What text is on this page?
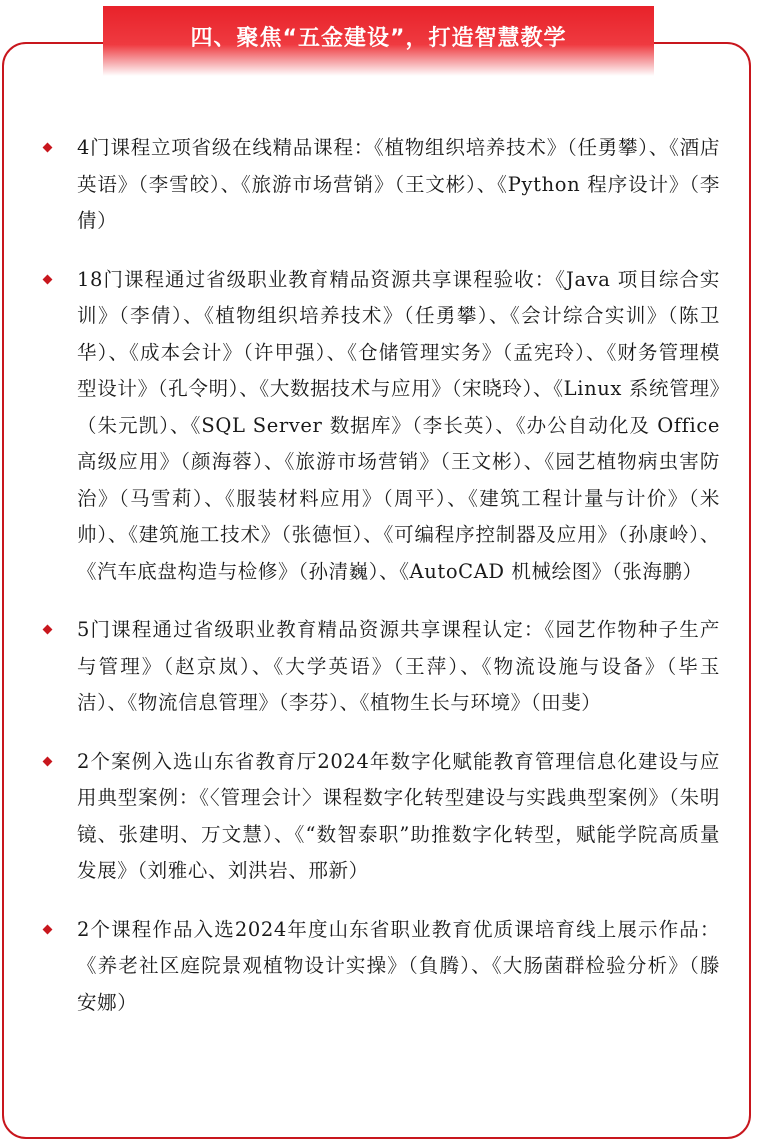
四、聚焦“五金建设”，打造智慧教学
4门课程立项省级在线精品课程：《植物组织培养技术》（任勇攀）、《酒店英语》（李雪皎）、《旅游市场营销》（王文彬）、《Python 程序设计》（李倩）
18门课程通过省级职业教育精品资源共享课程验收：《Java 项目综合实训》（李倩）、《植物组织培养技术》（任勇攀）、《会计综合实训》（陈卫华）、《成本会计》（许甲强）、《仓储管理实务》（孟宪玲）、《财务管理模型设计》（孔令明）、《大数据技术与应用》（宋晓玲）、《Linux 系统管理》（朱元凯）、《SQL Server 数据库》（李长英）、《办公自动化及 Office 高级应用》（颜海蓉）、《旅游市场营销》（王文彬）、《园艺植物病虫害防治》（马雪莉）、《服装材料应用》（周平）、《建筑工程计量与计价》（米帅）、《建筑施工技术》（张德恒）、《可编程序控制器及应用》（孙康岭）、《汽车底盘构造与检修》（孙清巍）、《AutoCAD 机械绘图》（张海鹏）
5门课程通过省级职业教育精品资源共享课程认定：《园艺作物种子生产与管理》（赵京岚）、《大学英语》（王萍）、《物流设施与设备》（毕玉洁）、《物流信息管理》（李芬）、《植物生长与环境》（田斐）
2个案例入选山东省教育厅2024年数字化赋能教育管理信息化建设与应用典型案例：《〈管理会计〉课程数字化转型建设与实践典型案例》（朱明镜、张建明、万文慧）、《“数智泰职”助推数字化转型，赋能学院高质量发展》（刘雅心、刘洪岩、邢新）
2个课程作品入选2024年度山东省职业教育优质课培育线上展示作品：《养老社区庭院景观植物设计实操》（負腾）、《大肠菌群检验分析》（滕安娜）
